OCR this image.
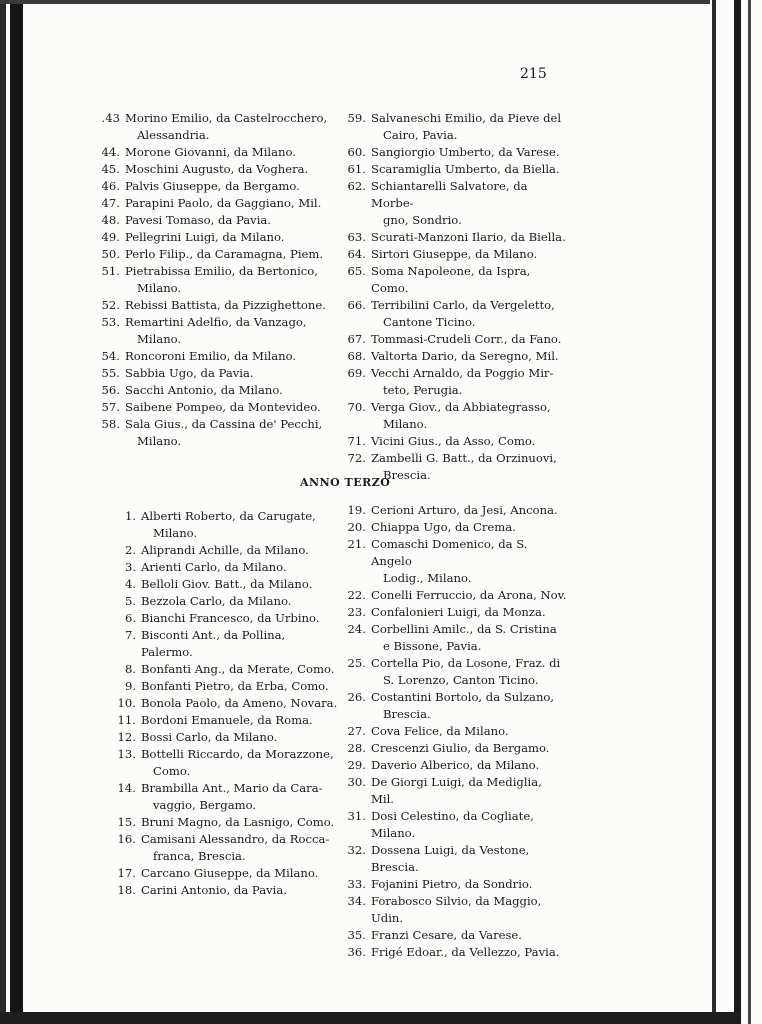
215
.43 Morino Emilio, da Castelrocchero,
Alessandria.
44. Morone Giovanni, da Milano.
45. Moschini Augusto, da Voghera.
46. Palvis Giuseppe, da Bergamo.
47. Parapini Paolo, da Gaggiano, Mil.
48. Pavesi Tomaso, da Pavia.
49. Pellegrini Luigi, da Milano.
50. Perlo Filip., da Caramagna, Piem.
51. Pietrabissa Emilio, da Bertonico,
Milano.
52. Rebissi Battista, da Pizzighettone.
53. Remartini Adelfio, da Vanzago,
Milano.
54. Roncoroni Emilio, da Milano.
55. Sabbia Ugo, da Pavia.
56. Sacchi Antonio, da Milano.
57. Saibene Pompeo, da Montevideo.
58. Sala Gius., da Cassina de' Pecchi,
Milano.
59. Salvaneschi Emilio, da Pieve del
Cairo, Pavia.
60. Sangiorgio Umberto, da Varese.
61. Scaramiglia Umberto, da Biella.
62. Schiantarelli Salvatore, da Morbe-
gno, Sondrio.
63. Scurati-Manzoni Ilario, da Biella.
64. Sirtori Giuseppe, da Milano.
65. Soma Napoleone, da Ispra, Como.
66. Terribilini Carlo, da Vergeletto,
Cantone Ticino.
67. Tommasi-Crudeli Corr., da Fano.
68. Valtorta Dario, da Seregno, Mil.
69. Vecchi Arnaldo, da Poggio Mir-
teto, Perugia.
70. Verga Giov., da Abbiategrasso,
Milano.
71. Vicini Gius., da Asso, Como.
72. Zambelli G. Batt., da Orzinuovi,
Brescia.
ANNO TERZO
1. Alberti Roberto, da Carugate,
Milano.
2. Aliprandi Achille, da Milano.
3. Arienti Carlo, da Milano.
4. Belloli Giov. Batt., da Milano.
5. Bezzola Carlo, da Milano.
6. Bianchi Francesco, da Urbino.
7. Bisconti Ant., da Pollina, Palermo.
8. Bonfanti Ang., da Merate, Como.
9. Bonfanti Pietro, da Erba, Como.
10. Bonola Paolo, da Ameno, Novara.
11. Bordoni Emanuele, da Roma.
12. Bossi Carlo, da Milano.
13. Bottelli Riccardo, da Morazzone,
Como.
14. Brambilla Ant., Mario da Cara-
vaggio, Bergamo.
15. Bruni Magno, da Lasnigo, Como.
16. Camisani Alessandro, da Rocca-
franca, Brescia.
17. Carcano Giuseppe, da Milano.
18. Carini Antonio, da Pavia.
19. Cerioni Arturo, da Jesi, Ancona.
20. Chiappa Ugo, da Crema.
21. Comaschi Domenico, da S. Angelo
Lodig., Milano.
22. Conelli Ferruccio, da Arona, Nov.
23. Confalonieri Luigi, da Monza.
24. Corbellini Amilc., da S. Cristina
e Bissone, Pavia.
25. Cortella Pio, da Losone, Fraz. di
S. Lorenzo, Canton Ticino.
26. Costantini Bortolo, da Sulzano,
Brescia.
27. Cova Felice, da Milano.
28. Crescenzi Giulio, da Bergamo.
29. Daverio Alberico, da Milano.
30. De Giorgi Luigi, da Mediglia, Mil.
31. Dosi Celestino, da Cogliate, Milano.
32. Dossena Luigi, da Vestone, Brescia.
33. Fojanini Pietro, da Sondrio.
34. Forabosco Silvio, da Maggio, Udin.
35. Franzi Cesare, da Varese.
36. Frigé Edoar., da Vellezzo, Pavia.
